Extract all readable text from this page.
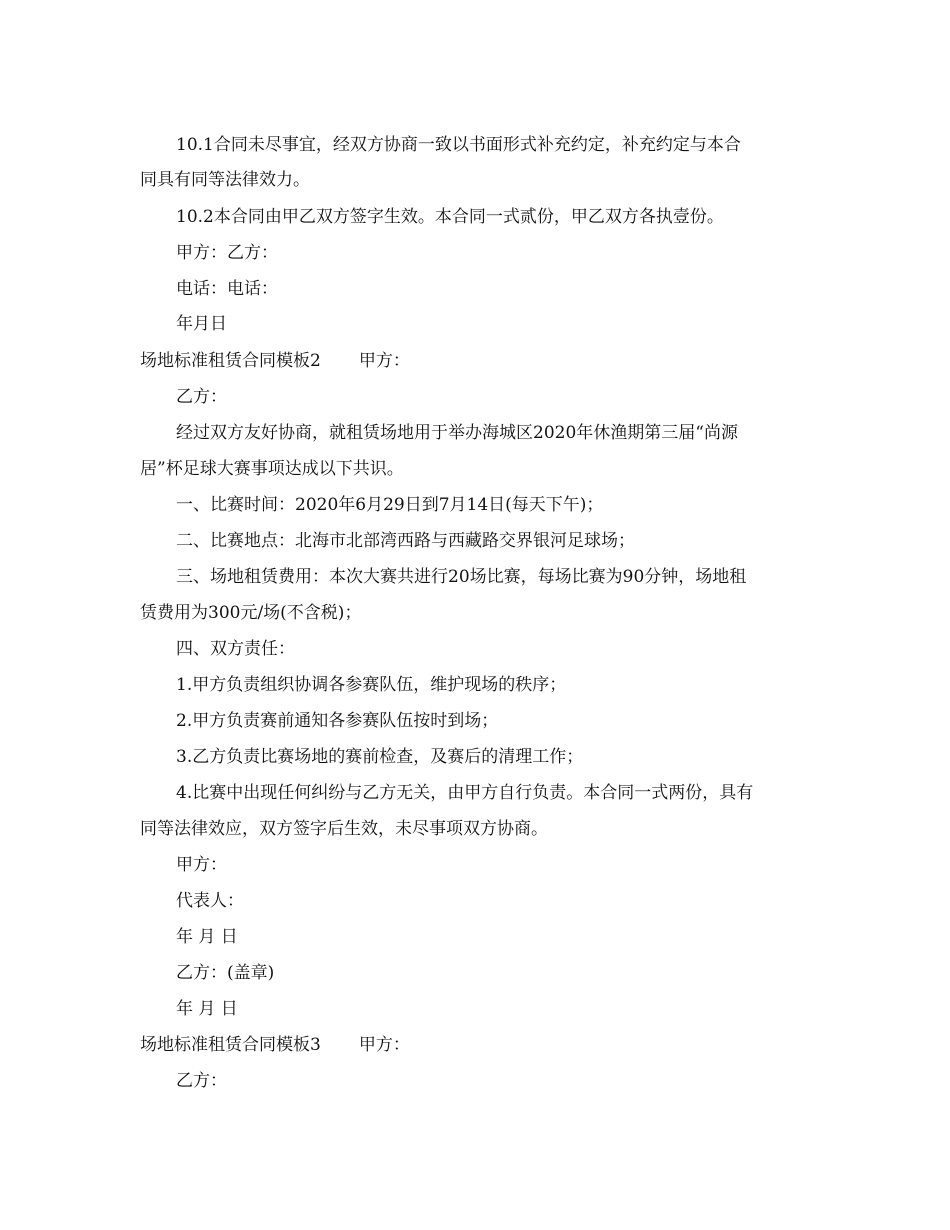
10.1合同未尽事宜，经双方协商一致以书面形式补充约定，补充约定与本合
同具有同等法律效力。
10.2本合同由甲乙双方签字生效。本合同一式贰份，甲乙双方各执壹份。
甲方：乙方：
电话：电话：
年月日
场地标准租赁合同模板2 甲方：
乙方：
经过双方友好协商，就租赁场地用于举办海城区2020年休渔期第三届“尚源
居”杯足球大赛事项达成以下共识。
一、比赛时间：2020年6月29日到7月14日(每天下午)；
二、比赛地点：北海市北部湾西路与西藏路交界银河足球场；
三、场地租赁费用：本次大赛共进行20场比赛，每场比赛为90分钟，场地租
赁费用为300元/场(不含税)；
四、双方责任：
1.甲方负责组织协调各参赛队伍，维护现场的秩序；
2.甲方负责赛前通知各参赛队伍按时到场；
3.乙方负责比赛场地的赛前检查，及赛后的清理工作；
4.比赛中出现任何纠纷与乙方无关，由甲方自行负责。本合同一式两份，具有
同等法律效应，双方签字后生效，未尽事项双方协商。
甲方：
代表人：
年 月 日
乙方：(盖章)
年 月 日
场地标准租赁合同模板3 甲方：
乙方：
